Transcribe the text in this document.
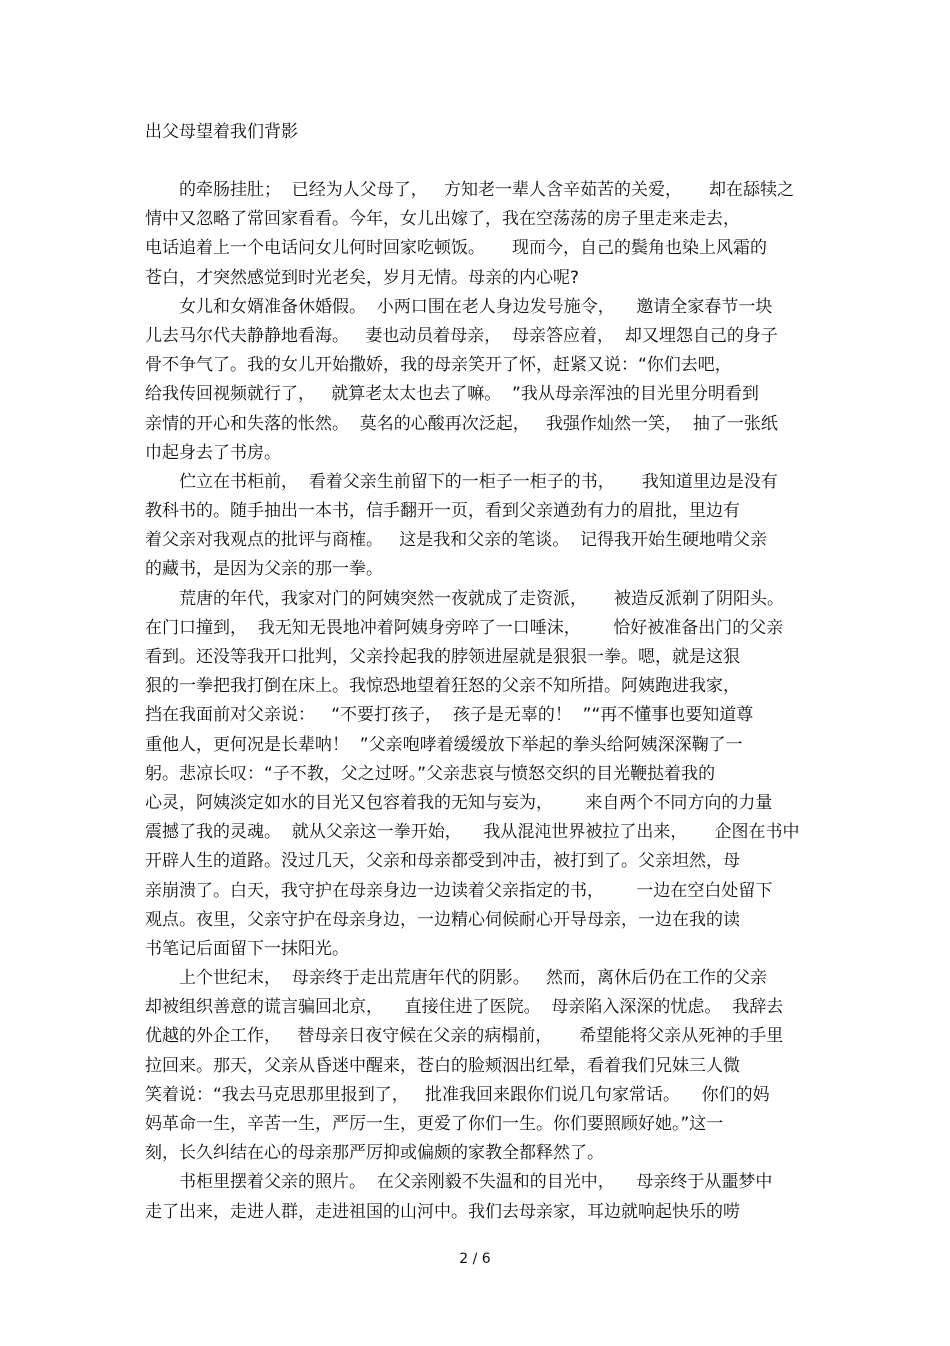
出父母望着我们背影
　　的牵肠挂肚；  已经为人父母了，   方知老一辈人含辛茹苦的关爱，     却在舔犊之
情中又忽略了常回家看看。今年，女儿出嫁了，我在空荡荡的房子里走来走去，
电话追着上一个电话问女儿何时回家吃顿饭。     现而今，自己的鬓角也染上风霜的
苍白，才突然感觉到时光老矣，岁月无情。母亲的内心呢?
　　女儿和女婿准备休婚假。  小两口围在老人身边发号施令，    邀请全家春节一块
儿去马尔代夫静静地看海。   妻也动员着母亲，  母亲答应着，  却又埋怨自己的身子
骨不争气了。我的女儿开始撒娇，我的母亲笑开了怀，赶紧又说：“你们去吧，
给我传回视频就行了，   就算老太太也去了嘛。  ”我从母亲浑浊的目光里分明看到
亲情的开心和失落的怅然。  莫名的心酸再次泛起，   我强作灿然一笑，  抽了一张纸
巾起身去了书房。
　　伫立在书柜前，  看着父亲生前留下的一柜子一柜子的书，     我知道里边是没有
教科书的。随手抽出一本书，信手翻开一页，看到父亲遒劲有力的眉批，里边有
着父亲对我观点的批评与商榷。   这是我和父亲的笔谈。  记得我开始生硬地啃父亲
的藏书，是因为父亲的那一拳。
　　荒唐的年代，我家对门的阿姨突然一夜就成了走资派，     被造反派剃了阴阳头。
在门口撞到，  我无知无畏地冲着阿姨身旁啐了一口唾沫，      恰好被准备出门的父亲
看到。还没等我开口批判，父亲拎起我的脖领进屋就是狠狠一拳。嗯，就是这狠
狠的一拳把我打倒在床上。我惊恐地望着狂怒的父亲不知所措。阿姨跑进我家，
挡在我面前对父亲说：   “不要打孩子，  孩子是无辜的！  ”“再不懂事也要知道尊
重他人，更何况是长辈呐！  ”父亲咆哮着缓缓放下举起的拳头给阿姨深深鞠了一
躬。悲凉长叹：“子不教，父之过呀。”父亲悲哀与愤怒交织的目光鞭挞着我的
心灵，阿姨淡定如水的目光又包容着我的无知与妄为，      来自两个不同方向的力量
震撼了我的灵魂。  就从父亲这一拳开始，    我从混沌世界被拉了出来，     企图在书中
开辟人生的道路。没过几天，父亲和母亲都受到冲击，被打到了。父亲坦然，母
亲崩溃了。白天，我守护在母亲身边一边读着父亲指定的书，      一边在空白处留下
观点。夜里，父亲守护在母亲身边，一边精心伺候耐心开导母亲，一边在我的读
书笔记后面留下一抹阳光。
　　上个世纪末，  母亲终于走出荒唐年代的阴影。   然而，离休后仍在工作的父亲
却被组织善意的谎言骗回北京，    直接住进了医院。  母亲陷入深深的忧虑。  我辞去
优越的外企工作，   替母亲日夜守候在父亲的病榻前，     希望能将父亲从死神的手里
拉回来。那天，父亲从昏迷中醒来，苍白的脸颊洇出红晕，看着我们兄妹三人微
笑着说：“我去马克思那里报到了，   批准我回来跟你们说几句家常话。    你们的妈
妈革命一生，辛苦一生，严厉一生，更爱了你们一生。你们要照顾好她。”这一
刻，长久纠结在心的母亲那严厉抑或偏颇的家教全都释然了。
　　书柜里摆着父亲的照片。  在父亲刚毅不失温和的目光中，    母亲终于从噩梦中
走了出来，走进人群，走进祖国的山河中。我们去母亲家，耳边就响起快乐的唠
2 / 6
